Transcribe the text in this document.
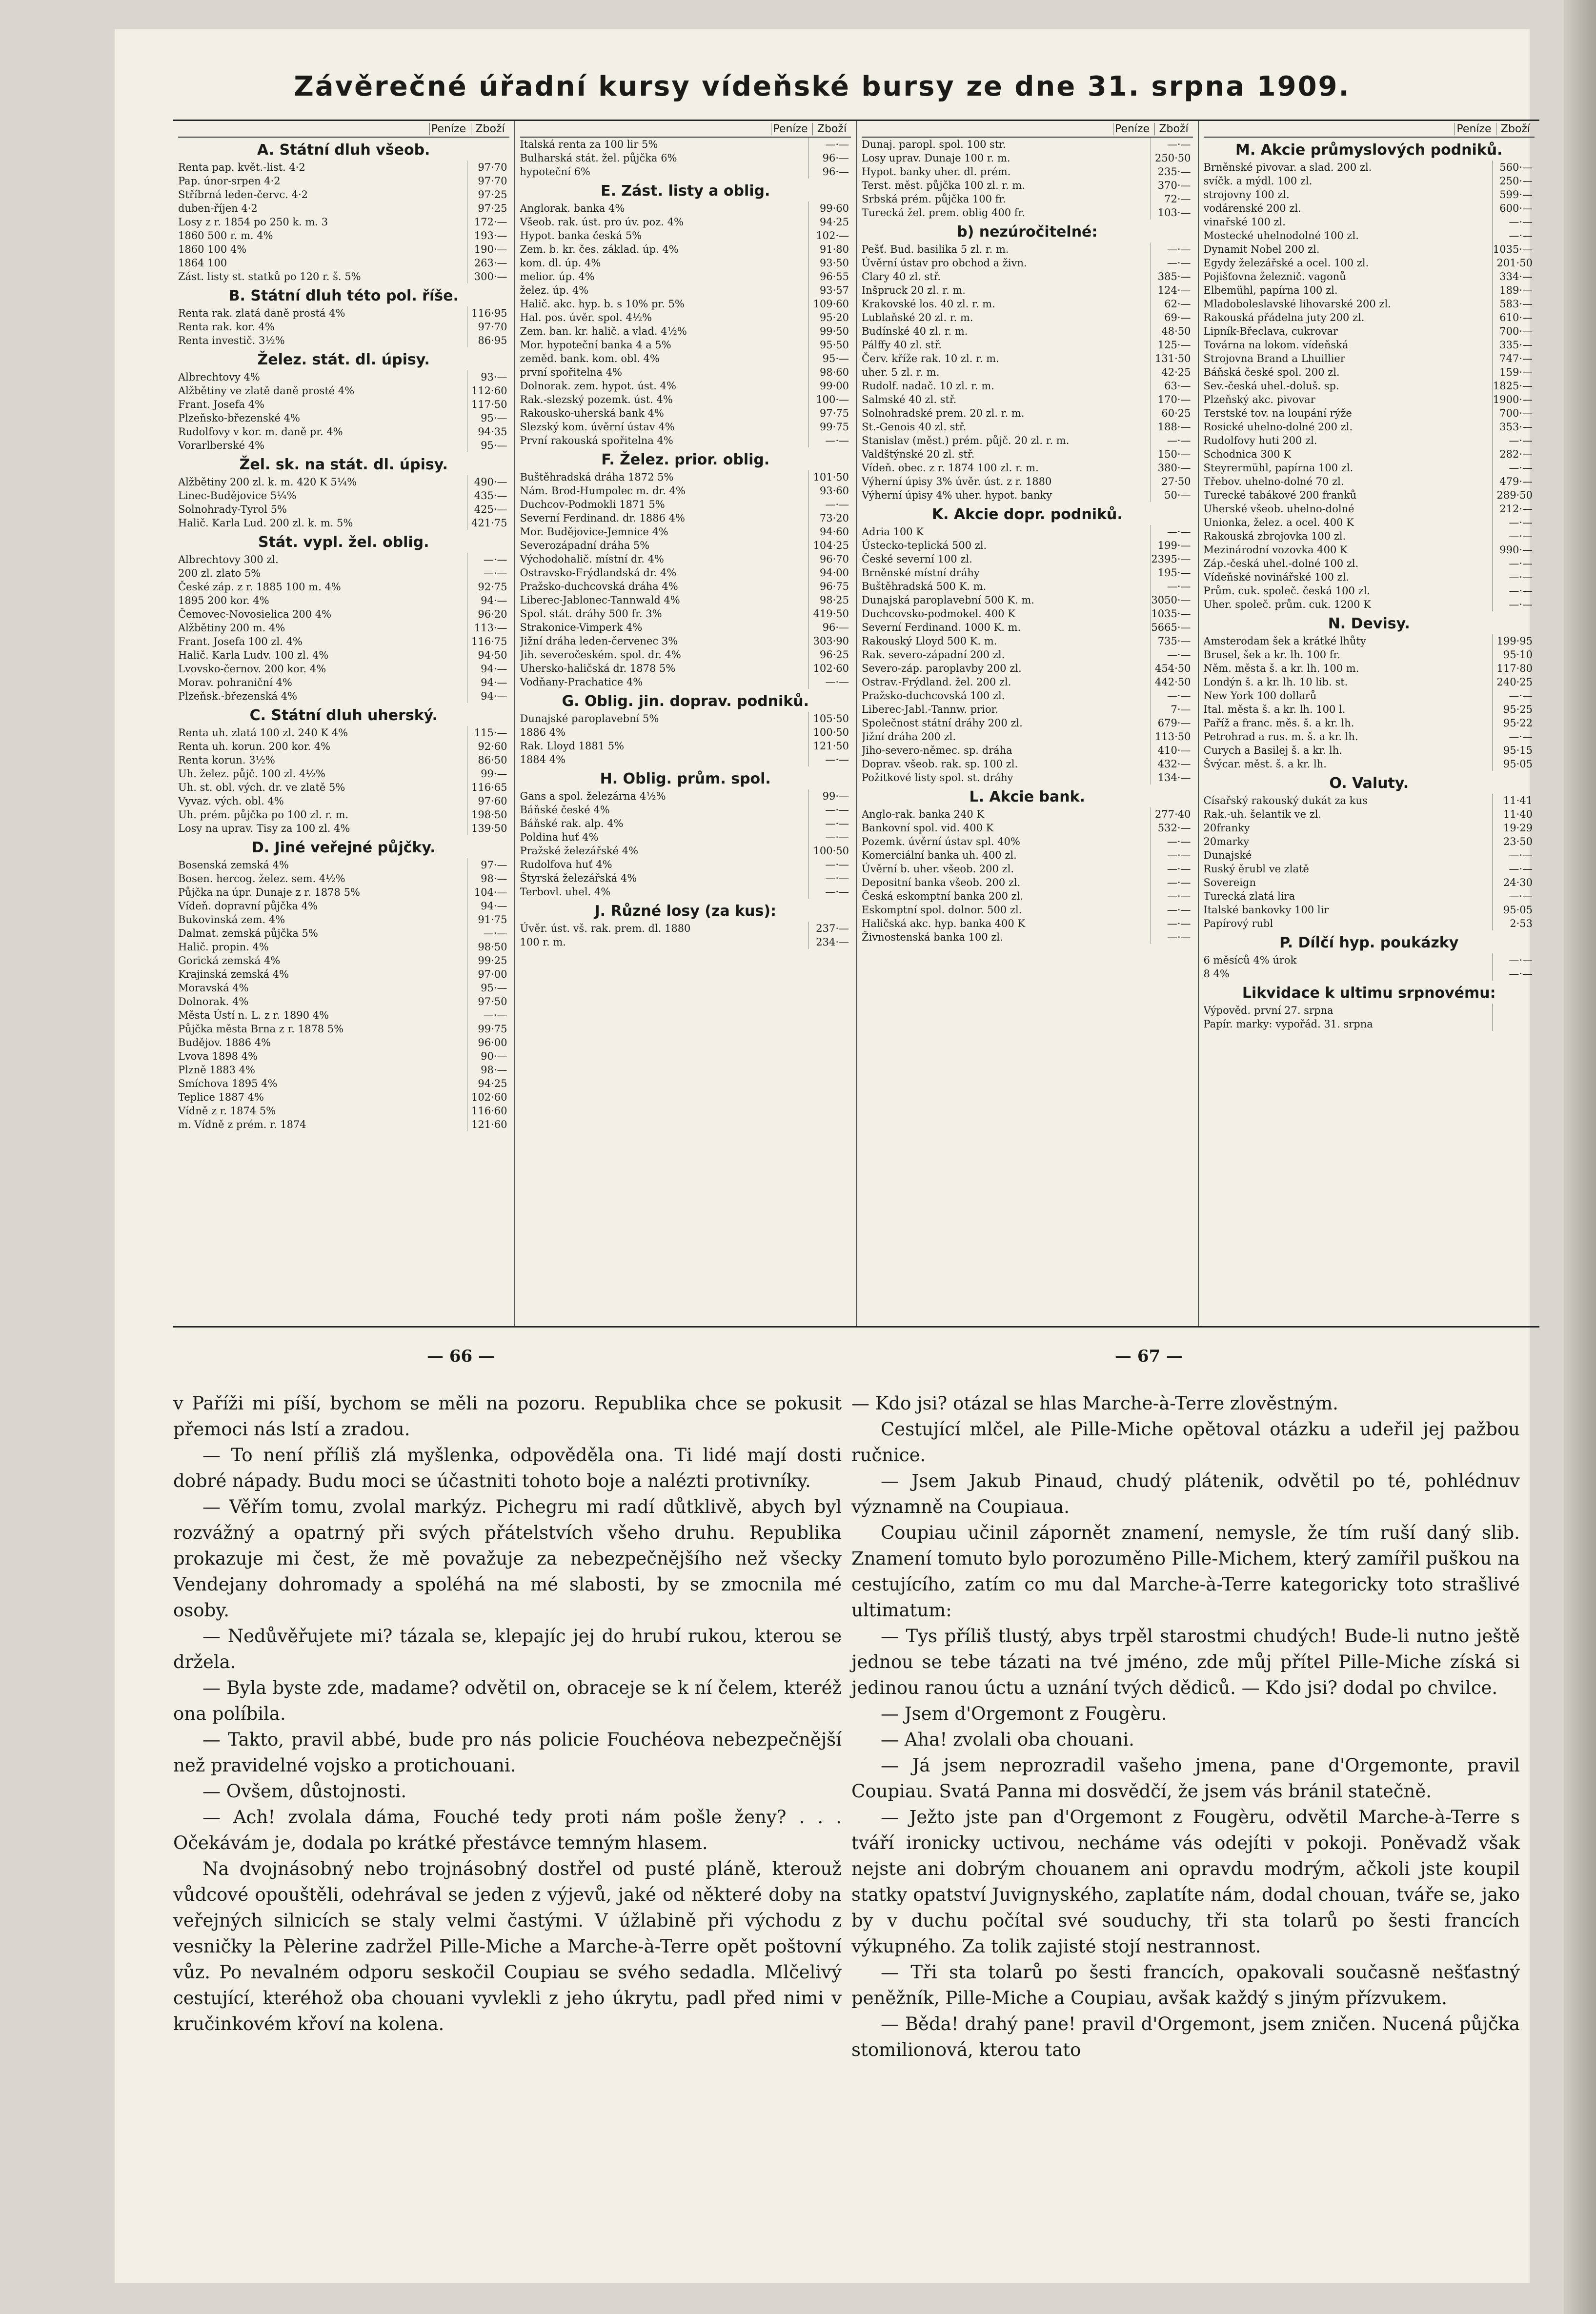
Závěrečné úřadní kursy vídeňské bursy ze dne 31. srpna 1909.
Peníze Zboží
A. Státní dluh všeob.
Renta pap. květ.-list. 4·2	97·70
Pap. únor-srpen 4·2	97·70
Stříbrná leden-červc. 4·2	97·25
duben-říjen 4·2	97·25
Losy z r. 1854 po 250 k. m. 3	172·—
1860 500 r. m. 4%	193·—
1860 100 4%	190·—
1864 100	263·—
Zást. listy st. statků po 120 r. š. 5%	300·—
B. Státní dluh této pol. říše.
Renta rak. zlatá daně prostá 4%	116·95
Renta rak. kor. 4%	97·70
Renta investič. 3½%	86·95
Želez. stát. dl. úpisy.
Albrechtovy 4%	93·—
Alžbětiny ve zlatě daně prosté 4%	112·60
Frant. Josefa 4%	117·50
Plzeňsko-březenské 4%	95·—
Rudolfovy v kor. m. daně pr. 4%	94·35
Vorarlberské 4%	95·—
Žel. sk. na stát. dl. úpisy.
Alžbětiny 200 zl. k. m. 420 K 5¼%	490·—
Linec-Budějovice 5¼%	435·—
Solnohrady-Tyrol 5%	425·—
Halič. Karla Lud. 200 zl. k. m. 5%	421·75
Stát. vypl. žel. oblig.
Albrechtovy 300 zl.	—·—
200 zl. zlato 5%	—·—
České záp. z r. 1885 100 m. 4%	92·75
1895 200 kor. 4%	94·—
Čemovec-Novosielica 200 4%	96·20
Alžbětiny 200 m. 4%	113·—
Frant. Josefa 100 zl. 4%	116·75
Halič. Karla Ludv. 100 zl. 4%	94·50
Lvovsko-černov. 200 kor. 4%	94·—
Morav. pohraniční 4%	94·—
Plzeňsk.-březenská 4%	94·—
C. Státní dluh uherský.
Renta uh. zlatá 100 zl. 240 K 4%	115·—
Renta uh. korun. 200 kor. 4%	92·60
Renta korun. 3½%	86·50
Uh. želez. půjč. 100 zl. 4½%	99·—
Uh. st. obl. vých. dr. ve zlatě 5%	116·65
Vyvaz. vých. obl. 4%	97·60
Uh. prém. půjčka po 100 zl. r. m.	198·50
Losy na uprav. Tisy za 100 zl. 4%	139·50
D. Jiné veřejné půjčky.
Bosenská zemská 4%	97·—
Bosen. hercog. želez. sem. 4½%	98·—
Půjčka na úpr. Dunaje z r. 1878 5%	104·—
Vídeň. dopravní půjčka 4%	94·—
Bukovinská zem. 4%	91·75
Dalmat. zemská půjčka 5%	—·—
Halič. propin. 4%	98·50
Gorická zemská 4%	99·25
Krajinská zemská 4%	97·00
Moravská 4%	95·—
Dolnorak. 4%	97·50
Města Ústí n. L. z r. 1890 4%	—·—
Půjčka města Brna z r. 1878 5%	99·75
Budějov. 1886 4%	96·00
Lvova 1898 4%	90·—
Plzně 1883 4%	98·—
Smíchova 1895 4%	94·25
Teplice 1887 4%	102·60
Vídně z r. 1874 5%	116·60
m. Vídně z prém. r. 1874	121·60
Peníze Zboží
Italská renta za 100 lir 5%	—·—
Bulharská stát. žel. půjčka 6%	96·—
hypoteční 6%	96·—
E. Zást. listy a oblig.
Anglorak. banka 4%	99·60
Všeob. rak. úst. pro úv. poz. 4%	94·25
Hypot. banka česká 5%	102·—
Zem. b. kr. čes. základ. úp. 4%	91·80
kom. dl. úp. 4%	93·50
melior. úp. 4%	96·55
želez. úp. 4%	93·57
Halič. akc. hyp. b. s 10% pr. 5%	109·60
Hal. pos. úvěr. spol. 4½%	95·20
Zem. ban. kr. halič. a vlad. 4½%	99·50
Mor. hypoteční banka 4 a 5%	95·50
zeměd. bank. kom. obl. 4%	95·—
první spořitelna 4%	98·60
Dolnorak. zem. hypot. úst. 4%	99·00
Rak.-slezský pozemk. úst. 4%	100·—
Rakousko-uherská bank 4%	97·75
Slezský kom. úvěrní ústav 4%	99·75
První rakouská spořitelna 4%	—·—
F. Želez. prior. oblig.
Buštěhradská dráha 1872 5%	101·50
Nám. Brod-Humpolec m. dr. 4%	93·60
Duchcov-Podmokli 1871 5%	—·—
Severní Ferdinand. dr. 1886 4%	73·20
Mor. Budějovice-Jemnice 4%	94·60
Severozápadní dráha 5%	104·25
Východohalič. místní dr. 4%	96·70
Ostravsko-Frýdlandská dr. 4%	94·00
Pražsko-duchcovská dráha 4%	96·75
Liberec-Jablonec-Tannwald 4%	98·25
Spol. stát. dráhy 500 fr. 3%	419·50
Strakonice-Vimperk 4%	96·—
Jižní dráha leden-červenec 3%	303·90
Jih. severočeském. spol. dr. 4%	96·25
Uhersko-haličská dr. 1878 5%	102·60
Vodňany-Prachatice 4%	—·—
G. Oblig. jin. doprav. podniků.
Dunajské paroplavební 5%	105·50
1886 4%	100·50
Rak. Lloyd 1881 5%	121·50
1884 4%	—·—
H. Oblig. prům. spol.
Gans a spol. železárna 4½%	99·—
Báňské české 4%	—·—
Báňské rak. alp. 4%	—·—
Poldina huť 4%	—·—
Pražské železářské 4%	100·50
Rudolfova huť 4%	—·—
Štyrská železářská 4%	—·—
Terbovl. uhel. 4%	—·—
J. Různé losy (za kus):
Úvěr. úst. vš. rak. prem. dl. 1880	237·—
100 r. m.	234·—
Peníze Zboží
Dunaj. paropl. spol. 100 str.	—·—
Losy uprav. Dunaje 100 r. m.	250·50
Hypot. banky uher. dl. prém.	235·—
Terst. měst. půjčka 100 zl. r. m.	370·—
Srbská prém. půjčka 100 fr.	72·—
Turecká žel. prem. oblig 400 fr.	103·—
b) nezúročitelné:
Pešť. Bud. basilika 5 zl. r. m.	—·—
Úvěrní ústav pro obchod a živn.	—·—
Clary 40 zl. stř.	385·—
Inšpruck 20 zl. r. m.	124·—
Krakovské los. 40 zl. r. m.	62·—
Lublaňské 20 zl. r. m.	69·—
Budínské 40 zl. r. m.	48·50
Pálffy 40 zl. stř.	125·—
Červ. kříže rak. 10 zl. r. m.	131·50
uher. 5 zl. r. m.	42·25
Rudolf. nadač. 10 zl. r. m.	63·—
Salmské 40 zl. stř.	170·—
Solnohradské prem. 20 zl. r. m.	60·25
St.-Genois 40 zl. stř.	188·—
Stanislav (měst.) prém. půjč. 20 zl. r. m.	—·—
Valdštýnské 20 zl. stř.	150·—
Vídeň. obec. z r. 1874 100 zl. r. m.	380·—
Výherní úpisy 3% úvěr. úst. z r. 1880	27·50
Výherní úpisy 4% uher. hypot. banky	50·—
K. Akcie dopr. podniků.
Adria 100 K	—·—
Ústecko-teplická 500 zl.	199·—
České severní 100 zl.	2395·—
Brněnské místní dráhy	195·—
Buštěhradská 500 K. m.	—·—
Dunajská paroplavební 500 K. m.	3050·—
Duchcovsko-podmokel. 400 K	1035·—
Severní Ferdinand. 1000 K. m.	5665·—
Rakouský Lloyd 500 K. m.	735·—
Rak. severo-západní 200 zl.	—·—
Severo-záp. paroplavby 200 zl.	454·50
Ostrav.-Frýdland. žel. 200 zl.	442·50
Pražsko-duchcovská 100 zl.	—·—
Liberec-Jabl.-Tannw. prior.	7·—
Společnost státní dráhy 200 zl.	679·—
Jižní dráha 200 zl.	113·50
Jiho-severo-němec. sp. dráha	410·—
Doprav. všeob. rak. sp. 100 zl.	432·—
Požitkové listy spol. st. dráhy	134·—
L. Akcie bank.
Anglo-rak. banka 240 K	277·40
Bankovní spol. vid. 400 K	532·—
Pozemk. úvěrní ústav spl. 40%	—·—
Komerciální banka uh. 400 zl.	—·—
Úvěrní b. uher. všeob. 200 zl.	—·—
Depositní banka všeob. 200 zl.	—·—
Česká eskomptní banka 200 zl.	—·—
Eskomptní spol. dolnor. 500 zl.	—·—
Haličská akc. hyp. banka 400 K	—·—
Živnostenská banka 100 zl.	—·—
Peníze Zboží
M. Akcie průmyslových podniků.
Brněnské pivovar. a slad. 200 zl.	560·—
svíčk. a mýdl. 100 zl.	250·—
strojovny 100 zl.	599·—
vodárenské 200 zl.	600·—
vinařské 100 zl.	—·—
Mostecké uhelnodolné 100 zl.	—·—
Dynamit Nobel 200 zl.	1035·—
Egydy železářské a ocel. 100 zl.	201·50
Pojišťovna železnič. vagonů	334·—
Elbemühl, papírna 100 zl.	189·—
Mladoboleslavské lihovarské 200 zl.	583·—
Rakouská přádelna juty 200 zl.	610·—
Lipník-Břeclava, cukrovar	700·—
Továrna na lokom. vídeňská	335·—
Strojovna Brand a Lhuillier	747·—
Báňská české spol. 200 zl.	159·—
Sev.-česká uhel.-doluš. sp.	1825·—
Plzeňský akc. pivovar	1900·—
Terstské tov. na loupání rýže	700·—
Rosické uhelno-dolné 200 zl.	353·—
Rudolfovy huti 200 zl.	—·—
Schodnica 300 K	282·—
Steyrermühl, papírna 100 zl.	—·—
Třebov. uhelno-dolné 70 zl.	479·—
Turecké tabákové 200 franků	289·50
Uherské všeob. uhelno-dolné	212·—
Unionka, želez. a ocel. 400 K	—·—
Rakouská zbrojovka 100 zl.	—·—
Mezinárodní vozovka 400 K	990·—
Záp.-česká uhel.-dolné 100 zl.	—·—
Vídeňské novinářské 100 zl.	—·—
Prům. cuk. společ. česká 100 zl.	—·—
Uher. společ. prům. cuk. 1200 K	—·—
N. Devisy.
Amsterodam šek a krátké lhůty	199·95
Brusel, šek a kr. lh. 100 fr.	95·10
Něm. města š. a kr. lh. 100 m.	117·80
Londýn š. a kr. lh. 10 lib. st.	240·25
New York 100 dollarů	—·—
Ital. města š. a kr. lh. 100 l.	95·25
Paříž a franc. měs. š. a kr. lh.	95·22
Petrohrad a rus. m. š. a kr. lh.	—·—
Curych a Basilej š. a kr. lh.	95·15
Švýcar. měst. š. a kr. lh.	95·05
O. Valuty.
Císařský rakouský dukát za kus	11·41
Rak.-uh. šelantik ve zl.	11·40
20franky	19·29
20marky	23·50
Dunajské	—·—
Ruský ěrubl ve zlatě	—·—
Sovereign	24·30
Turecká zlatá lira	—·—
Italské bankovky 100 lir	95·05
Papírový rubl	2·53
P. Dílčí hyp. poukázky
6 měsíců 4% úrok	—·—
8 4%	—·—
Likvidace k ultimu srpnovému:
Výpověd. první 27. srpna
Papír. marky: vypořád. 31. srpna
— 66 —	— 67 —

v Paříži mi píší, bychom se měli na pozoru. Republika chce se pokusit přemoci nás lstí a zradou.

— To není příliš zlá myšlenka, odpověděla ona. Ti lidé mají dosti dobré nápady. Budu moci se účastniti tohoto boje a nalézti protivníky.

— Věřím tomu, zvolal markýz. Pichegru mi radí důtklivě, abych byl rozvážný a opatrný při svých přátelstvích všeho druhu. Republika prokazuje mi čest, že mě považuje za nebezpečnějšího než všecky Vendejany dohromady a spoléhá na mé slabosti, by se zmocnila mé osoby.

— Nedůvěřujete mi? tázala se, klepajíc jej do hrubí rukou, kterou se držela.

— Byla byste zde, madame? odvětil on, obraceje se k ní čelem, kteréž ona políbila.

— Takto, pravil abbé, bude pro nás policie Fouchéova nebezpečnější než pravidelné vojsko a protichouani.

— Ovšem, důstojnosti.

— Ach! zvolala dáma, Fouché tedy proti nám pošle ženy? . . . Očekávám je, dodala po krátké přestávce temným hlasem.

Na dvojnásobný nebo trojnásobný dostřel od pusté pláně, kterouž vůdcové opouštěli, odehrával se jeden z výjevů, jaké od některé doby na veřejných silnicích se staly velmi častými. V úžlabině při východu z vesničky la Pèlerine zadržel Pille-Miche a Marche-à-Terre opět poštovní vůz. Po nevalném odporu seskočil Coupiau se svého sedadla. Mlčelivý cestující, kteréhož oba chouani vyvlekli z jeho úkrytu, padl před nimi v kručinkovém křoví na kolena.

— Kdo jsi? otázal se hlas Marche-à-Terre zlověstným.

Cestující mlčel, ale Pille-Miche opětoval otázku a udeřil jej pažbou ručnice.

— Jsem Jakub Pinaud, chudý plátenik, odvětil po té, pohlédnuv významně na Coupiaua.

Coupiau učinil zápornět znamení, nemysle, že tím ruší daný slib. Znamení tomuto bylo porozuměno Pille-Michem, který zamířil puškou na cestujícího, zatím co mu dal Marche-à-Terre kategoricky toto strašlivé ultimatum:

— Tys příliš tlustý, abys trpěl starostmi chudých! Bude-li nutno ještě jednou se tebe tázati na tvé jméno, zde můj přítel Pille-Miche získá si jedinou ranou úctu a uznání tvých dědiců. — Kdo jsi? dodal po chvilce.

— Jsem d'Orgemont z Fougèru.

— Aha! zvolali oba chouani.

— Já jsem neprozradil vašeho jmena, pane d'Orgemonte, pravil Coupiau. Svatá Panna mi dosvědčí, že jsem vás bránil statečně.

— Ježto jste pan d'Orgemont z Fougèru, odvětil Marche-à-Terre s tváří ironicky uctivou, necháme vás odejíti v pokoji. Poněvadž však nejste ani dobrým chouanem ani opravdu modrým, ačkoli jste koupil statky opatství Juvignyského, zaplatíte nám, dodal chouan, tváře se, jako by v duchu počítal své souduchy, tři sta tolarů po šesti francích výkupného. Za tolik zajisté stojí nestrannost.

— Tři sta tolarů po šesti francích, opakovali současně nešťastný peněžník, Pille-Miche a Coupiau, avšak každý s jiným přízvukem.

— Běda! drahý pane! pravil d'Orgemont, jsem zničen. Nucená půjčka stomilionová, kterou tato
